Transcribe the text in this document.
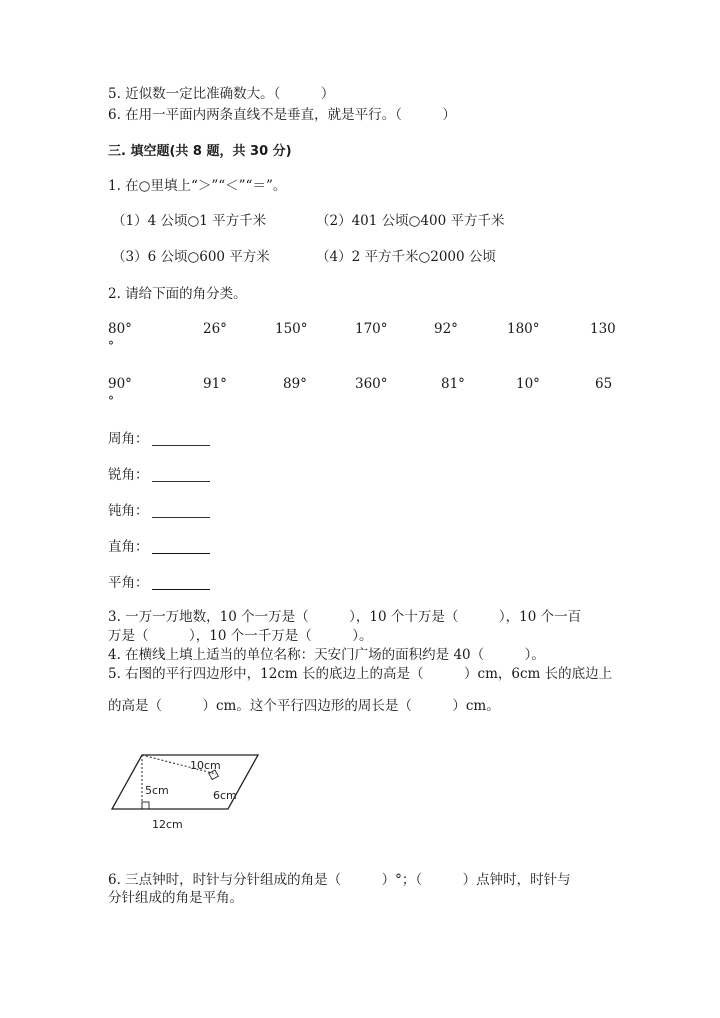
5. 近似数一定比准确数大。（　　　）
6. 在用一平面内两条直线不是垂直，就是平行。（　　　）
三. 填空题(共 8 题，共 30 分)
1. 在○里填上“＞”“＜”“＝”。
（1）4 公顷○1 平方千米	（2）401 公顷○400 平方千米
（3）6 公顷○600 平方米	（4）2 平方千米○2000 公顷
2. 请给下面的角分类。
80°	26°	150°	170°	92°	180°	130
°
90°	91°	89°	360°	81°	10°	65
°
周角：
锐角：
钝角：
直角：
平角：
3. 一万一万地数，10 个一万是（　　　），10 个十万是（　　　），10 个一百
万是（　　　），10 个一千万是（　　　）。
4. 在横线上填上适当的单位名称：天安门广场的面积约是 40（　　　）。
5. 右图的平行四边形中，12cm 长的底边上的高是（　　　）cm，6cm 长的底边上
的高是（　　　）cm。这个平行四边形的周长是（　　　）cm。
10cm
5cm	6cm
12cm
6. 三点钟时，时针与分针组成的角是（　　　）°；（　　　）点钟时，时针与
分针组成的角是平角。
